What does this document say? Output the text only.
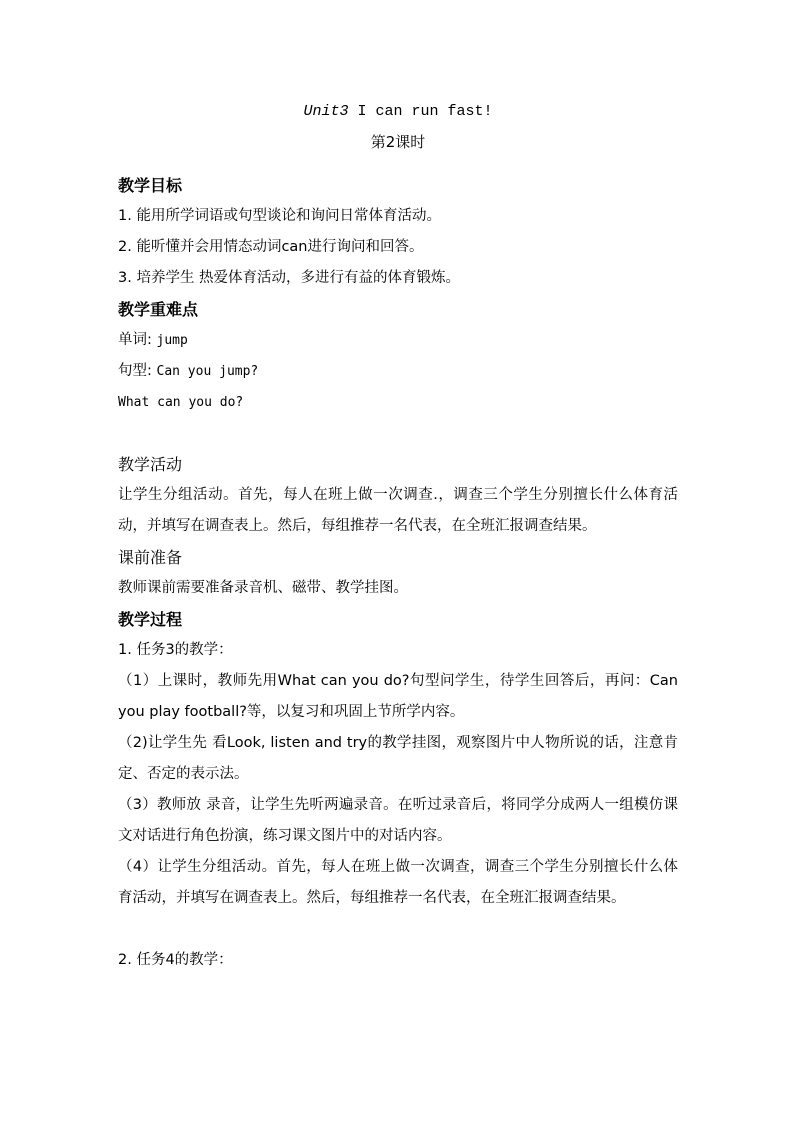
Unit3 I can run fast!
第2课时
教学目标
1. 能用所学词语或句型谈论和询问日常体育活动。
2. 能听懂并会用情态动词can进行询问和回答。
3. 培养学生 热爱体育活动，多进行有益的体育锻炼。
教学重难点
单词: jump
句型: Can you jump?
What can you do?
教学活动
让学生分组活动。首先，每人在班上做一次调查.，调查三个学生分别擅长什么体育活动，并填写在调查表上。然后，每组推荐一名代表，在全班汇报调查结果。
课前准备
教师课前需要准备录音机、磁带、教学挂图。
教学过程
1. 任务3的教学：
（1）上课时，教师先用What can you do?句型问学生，待学生回答后，再问：Can you play football?等，以复习和巩固上节所学内容。
（2)让学生先 看Look, listen and try的教学挂图，观察图片中人物所说的话，注意肯定、否定的表示法。
（3）教师放 录音，让学生先听两遍录音。在听过录音后，将同学分成两人一组模仿课文对话进行角色扮演，练习课文图片中的对话内容。
（4）让学生分组活动。首先，每人在班上做一次调查，调查三个学生分别擅长什么体育活动，并填写在调查表上。然后，每组推荐一名代表，在全班汇报调查结果。
2. 任务4的教学：
